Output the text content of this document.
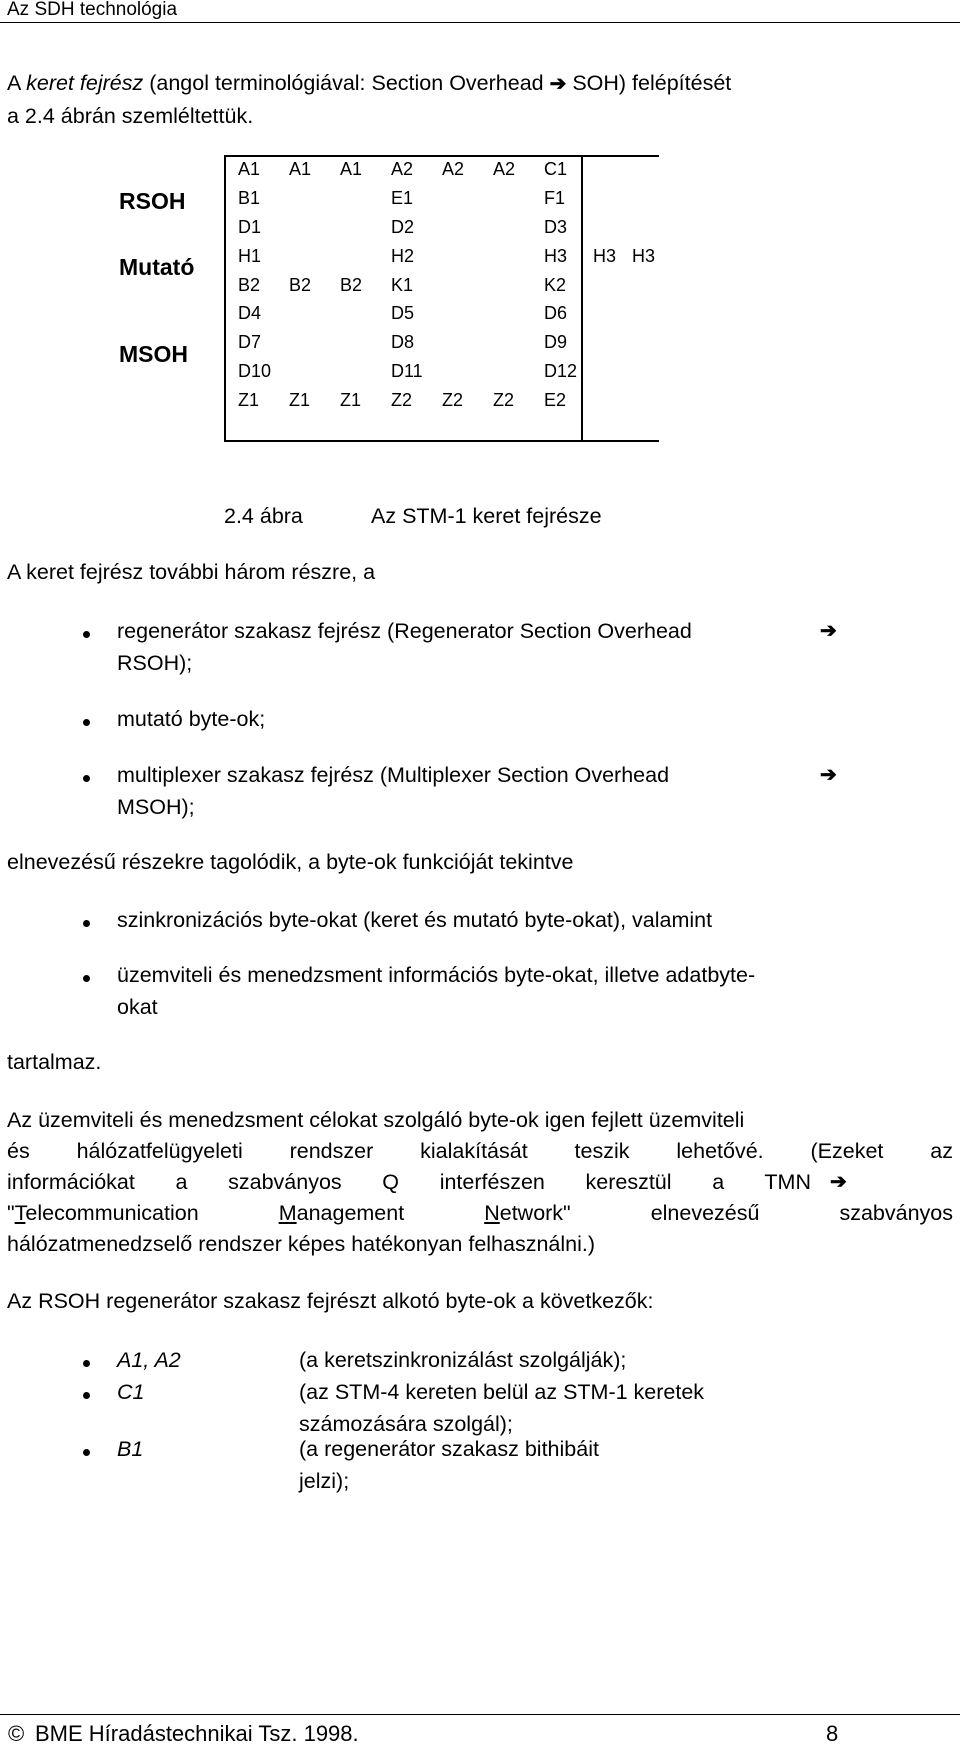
Az SDH technológia
A keret fejrész (angol terminológiával: Section Overhead ➔ SOH) felépítését
a 2.4 ábrán szemléltettük.
RSOH
Mutató
MSOH
A1	A1	A1	A2	A2	A2	C1		
B1			E1			F1		
D1			D2			D3		
H1			H2			H3	H3	H3
B2	B2	B2	K1			K2		
D4			D5			D6		
D7			D8			D9		
D10			D11			D12		
Z1	Z1	Z1	Z2	Z2	Z2	E2		
2.4 ábra	Az STM-1 keret fejrésze
A keret fejrész további három részre, a
regenerátor szakasz fejrész (Regenerator Section Overhead	➔
RSOH);
mutató byte-ok;
multiplexer szakasz fejrész (Multiplexer Section Overhead	➔
MSOH);
elnevezésű részekre tagolódik, a byte-ok funkcióját tekintve
szinkronizációs byte-okat (keret és mutató byte-okat), valamint
üzemviteli és menedzsment információs byte-okat, illetve adatbyte-
okat
tartalmaz.
Az üzemviteli és menedzsment célokat szolgáló byte-ok igen fejlett üzemviteli
és hálózatfelügyeleti rendszer kialakítását teszik lehetővé. (Ezeket az
információkat a szabványos Q interfészen keresztül a TMN ➔
"Telecommunication Management Network" elnevezésű szabványos
hálózatmenedzselő rendszer képes hatékonyan felhasználni.)
Az RSOH regenerátor szakasz fejrészt alkotó byte-ok a következők:
A1, A2	(a keretszinkronizálást szolgálják);
C1	(az STM-4 kereten belül az STM-1 keretek
számozására szolgál);
B1	(a regenerátor szakasz bithibáit
jelzi);
© BME Híradástechnikai Tsz. 1998.	8
